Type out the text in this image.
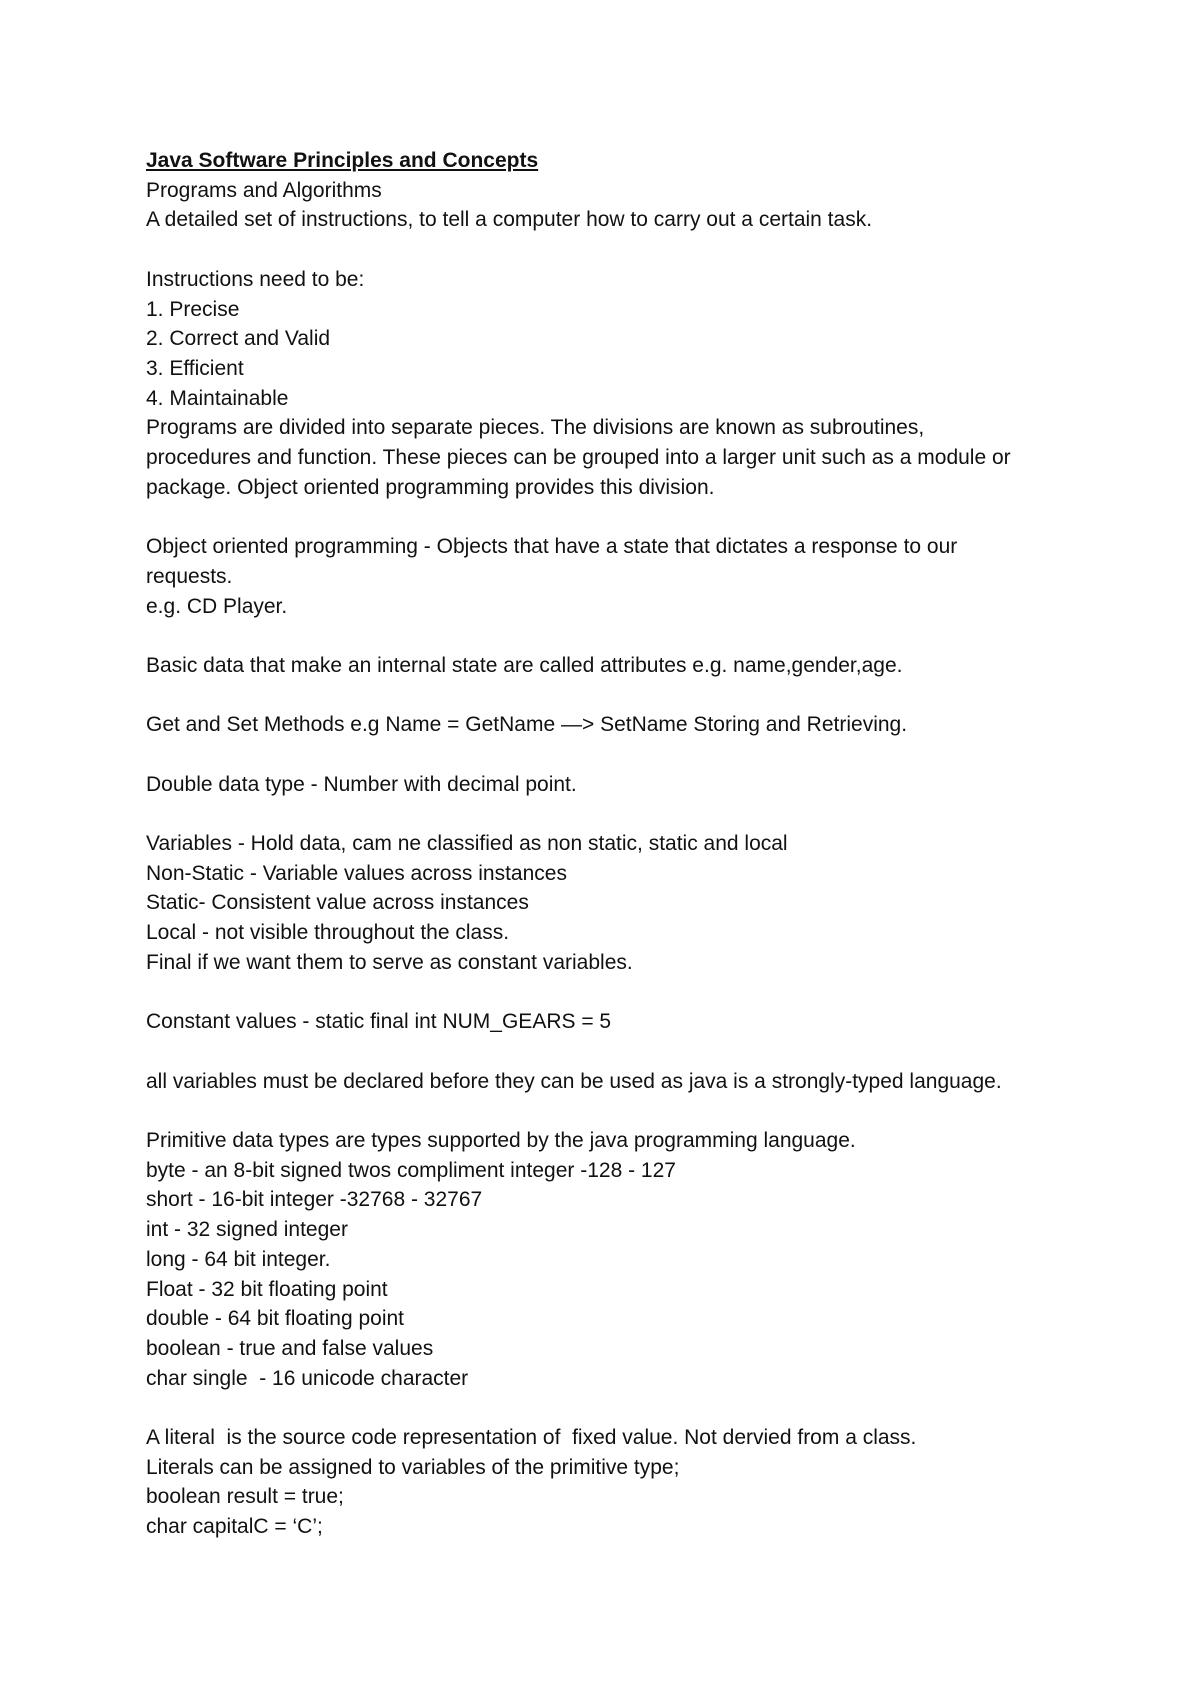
Java Software Principles and Concepts

Programs and Algorithms

A detailed set of instructions, to tell a computer how to carry out a certain task.

Instructions need to be:

1. Precise

2. Correct and Valid

3. Efficient

4. Maintainable

Programs are divided into separate pieces. The divisions are known as subroutines,

procedures and function. These pieces can be grouped into a larger unit such as a module or

package. Object oriented programming provides this division.

Object oriented programming - Objects that have a state that dictates a response to our

requests.

e.g. CD Player.

Basic data that make an internal state are called attributes e.g. name,gender,age.

Get and Set Methods e.g Name = GetName —> SetName Storing and Retrieving.

Double data type - Number with decimal point.

Variables - Hold data, cam ne classified as non static, static and local

Non-Static - Variable values across instances

Static- Consistent value across instances

Local - not visible throughout the class.

Final if we want them to serve as constant variables.

Constant values - static final int NUM_GEARS = 5

all variables must be declared before they can be used as java is a strongly-typed language.

Primitive data types are types supported by the java programming language.

byte - an 8-bit signed twos compliment integer -128 - 127

short - 16-bit integer -32768 - 32767

int - 32 signed integer

long - 64 bit integer.

Float - 32 bit floating point

double - 64 bit floating point

boolean - true and false values

char single  - 16 unicode character

A literal  is the source code representation of  fixed value. Not dervied from a class.

Literals can be assigned to variables of the primitive type;

boolean result = true;

char capitalC = ‘C’;
